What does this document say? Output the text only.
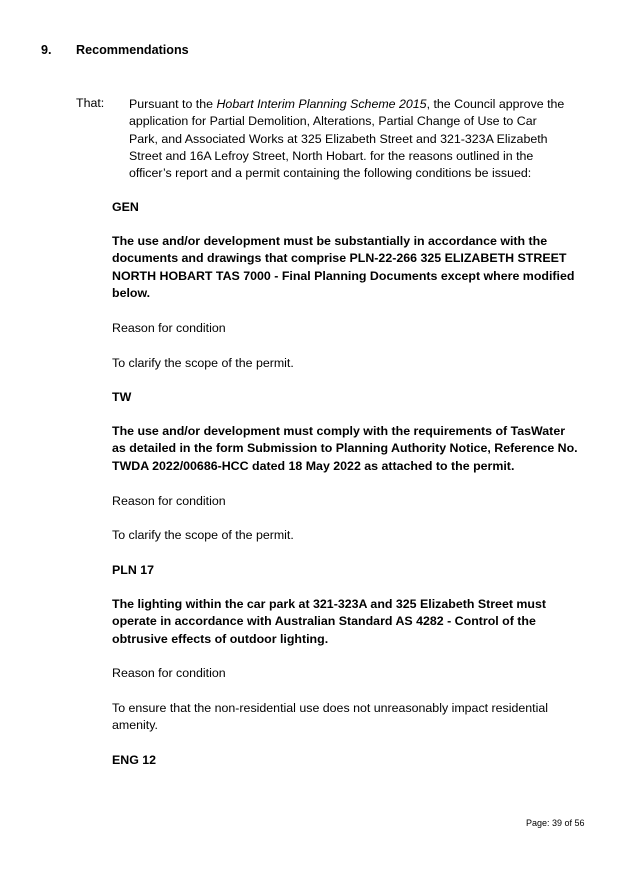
9. Recommendations
That: Pursuant to the Hobart Interim Planning Scheme 2015, the Council approve the application for Partial Demolition, Alterations, Partial Change of Use to Car Park, and Associated Works at 325 Elizabeth Street and 321-323A Elizabeth Street and 16A Lefroy Street, North Hobart. for the reasons outlined in the officer’s report and a permit containing the following conditions be issued:
GEN
The use and/or development must be substantially in accordance with the documents and drawings that comprise PLN-22-266 325 ELIZABETH STREET NORTH HOBART TAS 7000 - Final Planning Documents except where modified below.
Reason for condition
To clarify the scope of the permit.
TW
The use and/or development must comply with the requirements of TasWater as detailed in the form Submission to Planning Authority Notice, Reference No. TWDA 2022/00686-HCC dated 18 May 2022 as attached to the permit.
Reason for condition
To clarify the scope of the permit.
PLN 17
The lighting within the car park at 321-323A and 325 Elizabeth Street must operate in accordance with Australian Standard AS 4282 - Control of the obtrusive effects of outdoor lighting.
Reason for condition
To ensure that the non-residential use does not unreasonably impact residential amenity.
ENG 12
Page: 39 of 56
